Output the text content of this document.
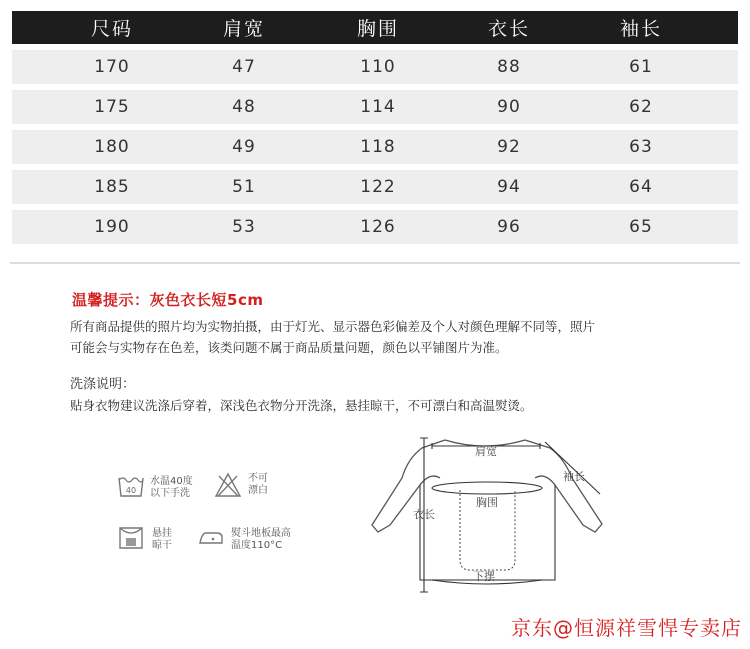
尺码	肩宽	胸围	衣长	袖长
170	47	110	88	61
175	48	114	90	62
180	49	118	92	63
185	51	122	94	64
190	53	126	96	65
温馨提示：灰色衣长短5cm
所有商品提供的照片均为实物拍摄，由于灯光、显示器色彩偏差及个人对颜色理解不同等，照片
可能会与实物存在色差，该类问题不属于商品质量问题，颜色以平铺图片为准。
洗涤说明：
贴身衣物建议洗涤后穿着，深浅色衣物分开洗涤，悬挂晾干，不可漂白和高温熨烫。
40
水温40度
以下手洗
不可
漂白
悬挂
晾干
熨斗地板最高
温度110°C
肩宽
袖长
衣长
胸围
下摆
京东@恒源祥雪悍专卖店
